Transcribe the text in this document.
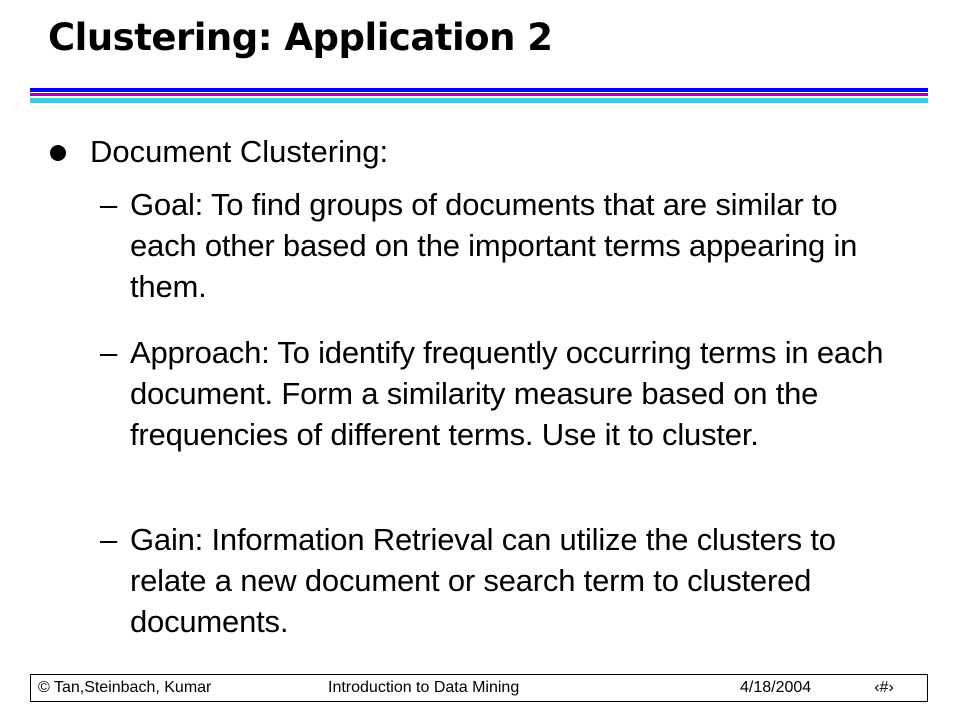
Clustering: Application 2
Document Clustering:
– Goal: To find groups of documents that are similar to each other based on the important terms appearing in them.
– Approach: To identify frequently occurring terms in each document. Form a similarity measure based on the frequencies of different terms. Use it to cluster.
– Gain: Information Retrieval can utilize the clusters to relate a new document or search term to clustered documents.
© Tan,Steinbach, Kumar	Introduction to Data Mining	4/18/2004	‹#›
